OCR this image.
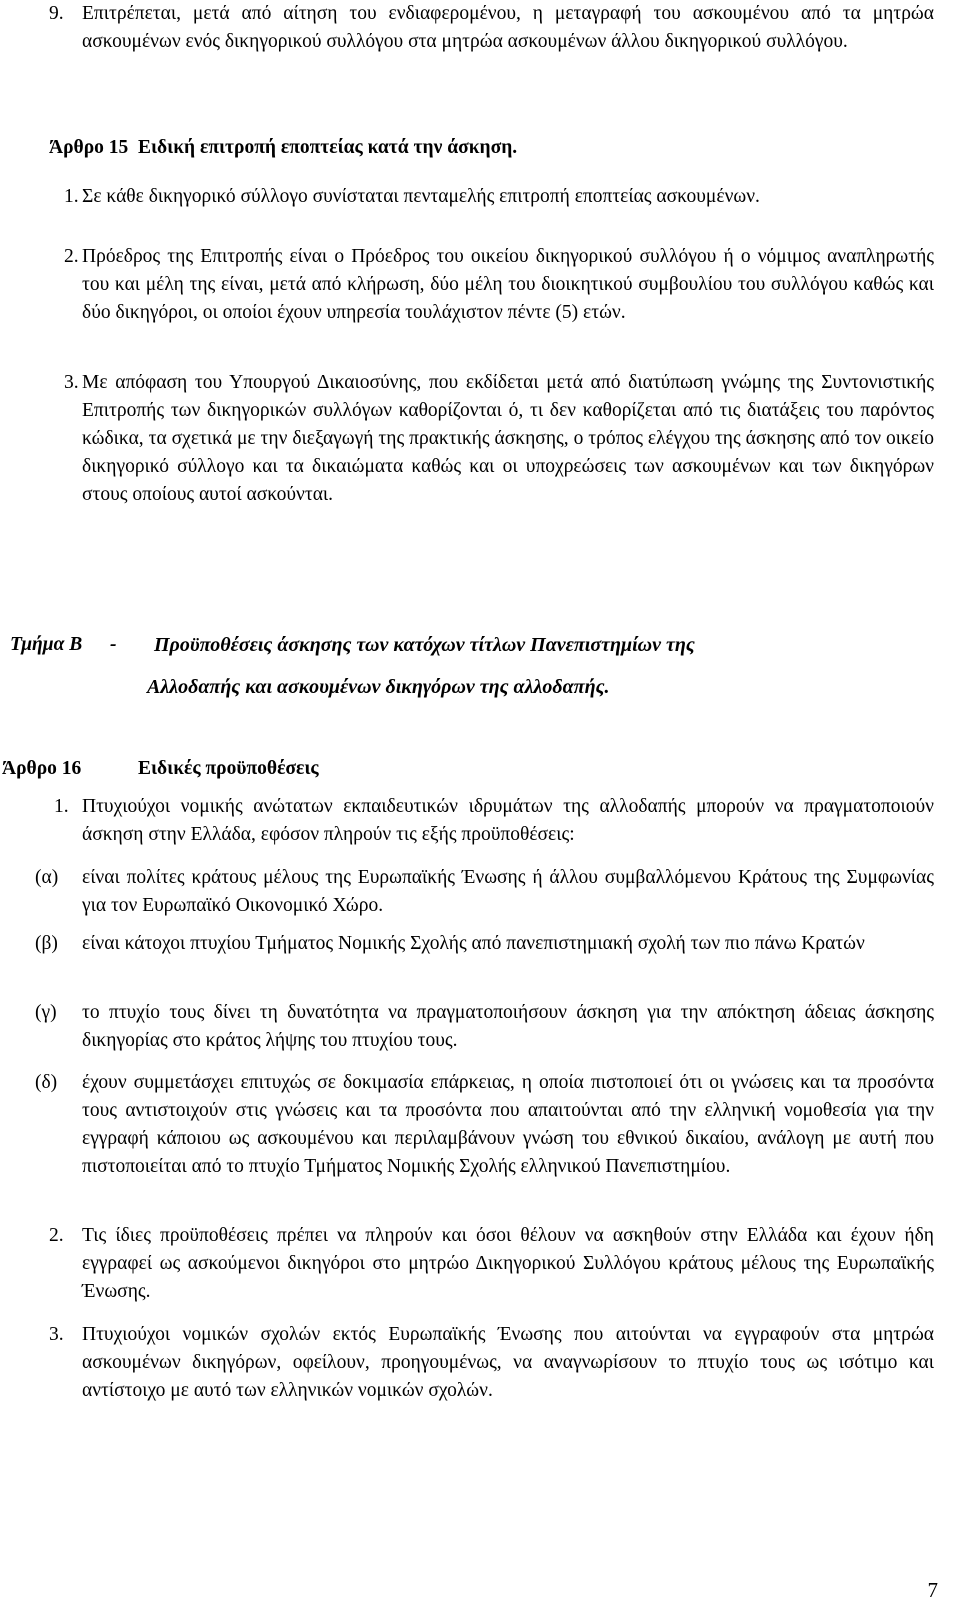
9. Επιτρέπεται, μετά από αίτηση του ενδιαφερομένου, η μεταγραφή του ασκουμένου από τα μητρώα ασκουμένων ενός δικηγορικού συλλόγου στα μητρώα ασκουμένων άλλου δικηγορικού συλλόγου.

Άρθρο 15 Ειδική επιτροπή εποπτείας κατά την άσκηση.
1. Σε κάθε δικηγορικό σύλλογο συνίσταται πενταμελής επιτροπή εποπτείας ασκουμένων.

2. Πρόεδρος της Επιτροπής είναι ο Πρόεδρος του οικείου δικηγορικού συλλόγου ή ο νόμιμος αναπληρωτής του και μέλη της είναι, μετά από κλήρωση, δύο μέλη του διοικητικού συμβουλίου του συλλόγου καθώς και δύο δικηγόροι, οι οποίοι έχουν υπηρεσία τουλάχιστον πέντε (5) ετών.

3. Με απόφαση του Υπουργού Δικαιοσύνης, που εκδίδεται μετά από διατύπωση γνώμης της Συντονιστικής Επιτροπής των δικηγορικών συλλόγων καθορίζονται ό, τι δεν καθορίζεται από τις διατάξεις του παρόντος κώδικα, τα σχετικά με την διεξαγωγή της πρακτικής άσκησης, ο τρόπος ελέγχου της άσκησης από τον οικείο δικηγορικό σύλλογο και τα δικαιώματα καθώς και οι υποχρεώσεις των ασκουμένων και των δικηγόρων στους οποίους αυτοί ασκούνται.

Τμήμα Β - Προϋποθέσεις άσκησης των κατόχων τίτλων Πανεπιστημίων της
Αλλοδαπής και ασκουμένων δικηγόρων της αλλοδαπής.
Άρθρο 16	Ειδικές προϋποθέσεις
1. Πτυχιούχοι νομικής ανώτατων εκπαιδευτικών ιδρυμάτων της αλλοδαπής μπορούν να πραγματοποιούν άσκηση στην Ελλάδα, εφόσον πληρούν τις εξής προϋποθέσεις:

(α) είναι πολίτες κράτους μέλους της Ευρωπαϊκής Ένωσης ή άλλου συμβαλλόμενου Κράτους της Συμφωνίας για τον Ευρωπαϊκό Οικονομικό Χώρο.

(β) είναι κάτοχοι πτυχίου Τμήματος Νομικής Σχολής από πανεπιστημιακή σχολή των πιο πάνω Κρατών

(γ) το πτυχίο τους δίνει τη δυνατότητα να πραγματοποιήσουν άσκηση για την απόκτηση άδειας άσκησης δικηγορίας στο κράτος λήψης του πτυχίου τους.

(δ) έχουν συμμετάσχει επιτυχώς σε δοκιμασία επάρκειας, η οποία πιστοποιεί ότι οι γνώσεις και τα προσόντα τους αντιστοιχούν στις γνώσεις και τα προσόντα που απαιτούνται από την ελληνική νομοθεσία για την εγγραφή κάποιου ως ασκουμένου και περιλαμβάνουν γνώση του εθνικού δικαίου, ανάλογη με αυτή που πιστοποιείται από το πτυχίο Τμήματος Νομικής Σχολής ελληνικού Πανεπιστημίου.

2. Τις ίδιες προϋποθέσεις πρέπει να πληρούν και όσοι θέλουν να ασκηθούν στην Ελλάδα και έχουν ήδη εγγραφεί ως ασκούμενοι δικηγόροι στο μητρώο Δικηγορικού Συλλόγου κράτους μέλους της Ευρωπαϊκής Ένωσης.

3. Πτυχιούχοι νομικών σχολών εκτός Ευρωπαϊκής Ένωσης που αιτούνται να εγγραφούν στα μητρώα ασκουμένων δικηγόρων, οφείλουν, προηγουμένως, να αναγνωρίσουν το πτυχίο τους ως ισότιμο και αντίστοιχο με αυτό των ελληνικών νομικών σχολών.

7
